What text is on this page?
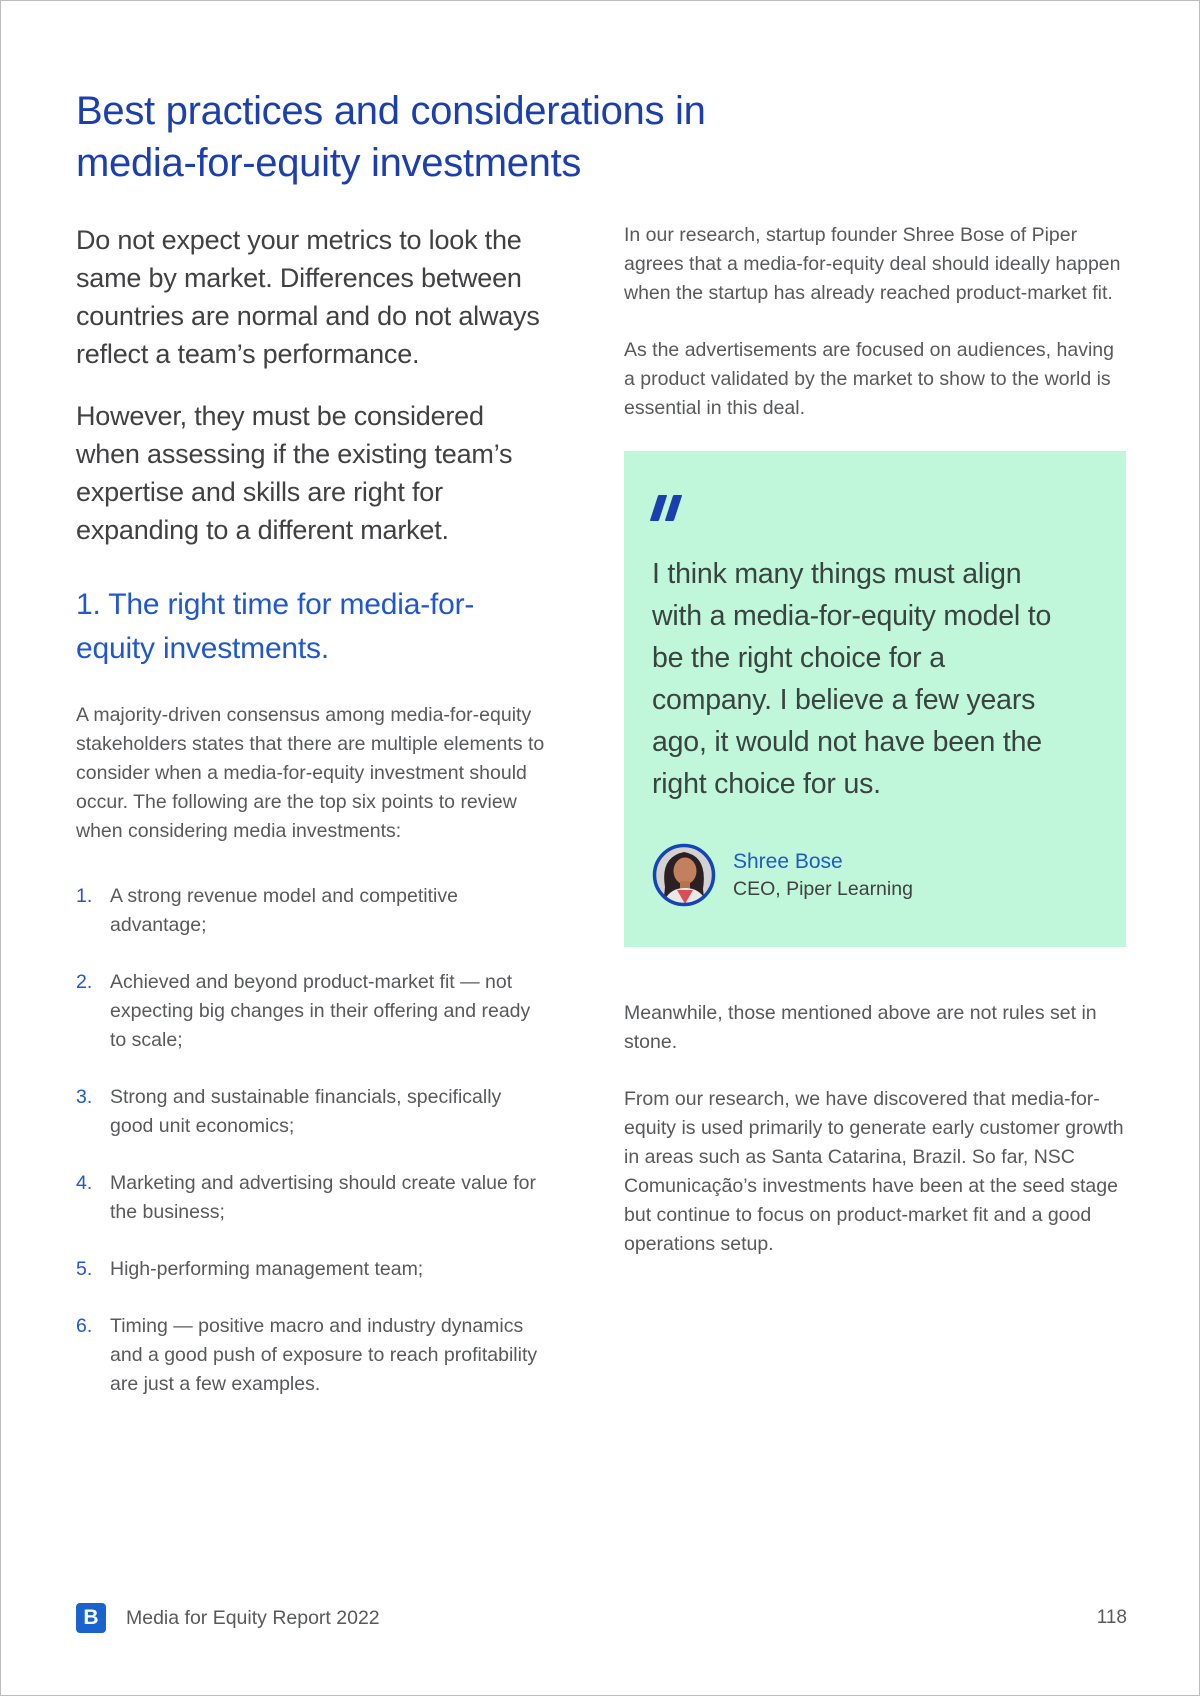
Best practices and considerations in media-for-equity investments

Do not expect your metrics to look the same by market. Differences between countries are normal and do not always reflect a team’s performance.

However, they must be considered when assessing if the existing team’s expertise and skills are right for expanding to a different market.

1. The right time for media-for-equity investments.

A majority-driven consensus among media-for-equity stakeholders states that there are multiple elements to consider when a media-for-equity investment should occur. The following are the top six points to review when considering media investments:

1. A strong revenue model and competitive advantage;
2. Achieved and beyond product-market fit — not expecting big changes in their offering and ready to scale;
3. Strong and sustainable financials, specifically good unit economics;
4. Marketing and advertising should create value for the business;
5. High-performing management team;
6. Timing — positive macro and industry dynamics and a good push of exposure to reach profitability are just a few examples.

In our research, startup founder Shree Bose of Piper agrees that a media-for-equity deal should ideally happen when the startup has already reached product-market fit.

As the advertisements are focused on audiences, having a product validated by the market to show to the world is essential in this deal.

I think many things must align with a media-for-equity model to be the right choice for a company. I believe a few years ago, it would not have been the right choice for us.

Shree Bose
CEO, Piper Learning

Meanwhile, those mentioned above are not rules set in stone.

From our research, we have discovered that media-for-equity is used primarily to generate early customer growth in areas such as Santa Catarina, Brazil. So far, NSC Comunicação’s investments have been at the seed stage but continue to focus on product-market fit and a good operations setup.

B Media for Equity Report 2022	118
